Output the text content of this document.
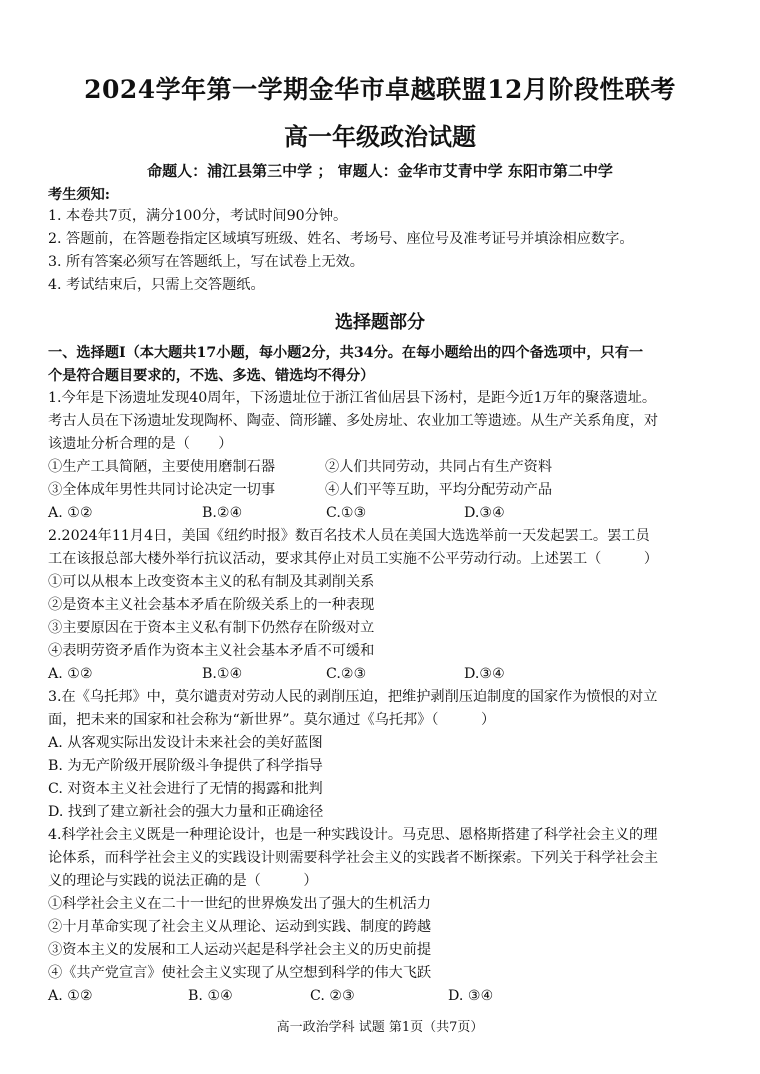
2024学年第一学期金华市卓越联盟12月阶段性联考
高一年级政治试题
命题人：浦江县第三中学 ； 审题人：金华市艾青中学 东阳市第二中学
考生须知:
1. 本卷共7页，满分100分，考试时间90分钟。
2. 答题前，在答题卷指定区域填写班级、姓名、考场号、座位号及准考证号并填涂相应数字。
3. 所有答案必须写在答题纸上，写在试卷上无效。
4. 考试结束后，只需上交答题纸。
选择题部分
一、选择题Ⅰ（本大题共17小题，每小题2分，共34分。在每小题给出的四个备选项中，只有一
个是符合题目要求的，不选、多选、错选均不得分）
1.今年是下汤遗址发现40周年，下汤遗址位于浙江省仙居县下汤村，是距今近1万年的聚落遗址。
考古人员在下汤遗址发现陶杯、陶壶、筒形罐、多处房址、农业加工等遗迹。从生产关系角度，对
该遗址分析合理的是（　　）
①生产工具简陋，主要使用磨制石器	②人们共同劳动，共同占有生产资料
③全体成年男性共同讨论决定一切事	④人们平等互助，平均分配劳动产品
A. ①②	B.②④	C.①③	D.③④
2.2024年11月4日，美国《纽约时报》数百名技术人员在美国大选选举前一天发起罢工。罢工员
工在该报总部大楼外举行抗议活动，要求其停止对员工实施不公平劳动行动。上述罢工（　　　）
①可以从根本上改变资本主义的私有制及其剥削关系
②是资本主义社会基本矛盾在阶级关系上的一种表现
③主要原因在于资本主义私有制下仍然存在阶级对立
④表明劳资矛盾作为资本主义社会基本矛盾不可缓和
A. ①②	B.①④	C.②③	D.③④
3.在《乌托邦》中，莫尔谴责对劳动人民的剥削压迫，把维护剥削压迫制度的国家作为愤恨的对立
面，把未来的国家和社会称为“新世界”。莫尔通过《乌托邦》（　　　）
A. 从客观实际出发设计未来社会的美好蓝图
B. 为无产阶级开展阶级斗争提供了科学指导
C. 对资本主义社会进行了无情的揭露和批判
D. 找到了建立新社会的强大力量和正确途径
4.科学社会主义既是一种理论设计，也是一种实践设计。马克思、恩格斯搭建了科学社会主义的理
论体系，而科学社会主义的实践设计则需要科学社会主义的实践者不断探索。下列关于科学社会主
义的理论与实践的说法正确的是（　　　）
①科学社会主义在二十一世纪的世界焕发出了强大的生机活力
②十月革命实现了社会主义从理论、运动到实践、制度的跨越
③资本主义的发展和工人运动兴起是科学社会主义的历史前提
④《共产党宣言》使社会主义实现了从空想到科学的伟大飞跃
A. ①②	B. ①④	C. ②③	D. ③④
高一政治学科 试题 第1页（共7页）
